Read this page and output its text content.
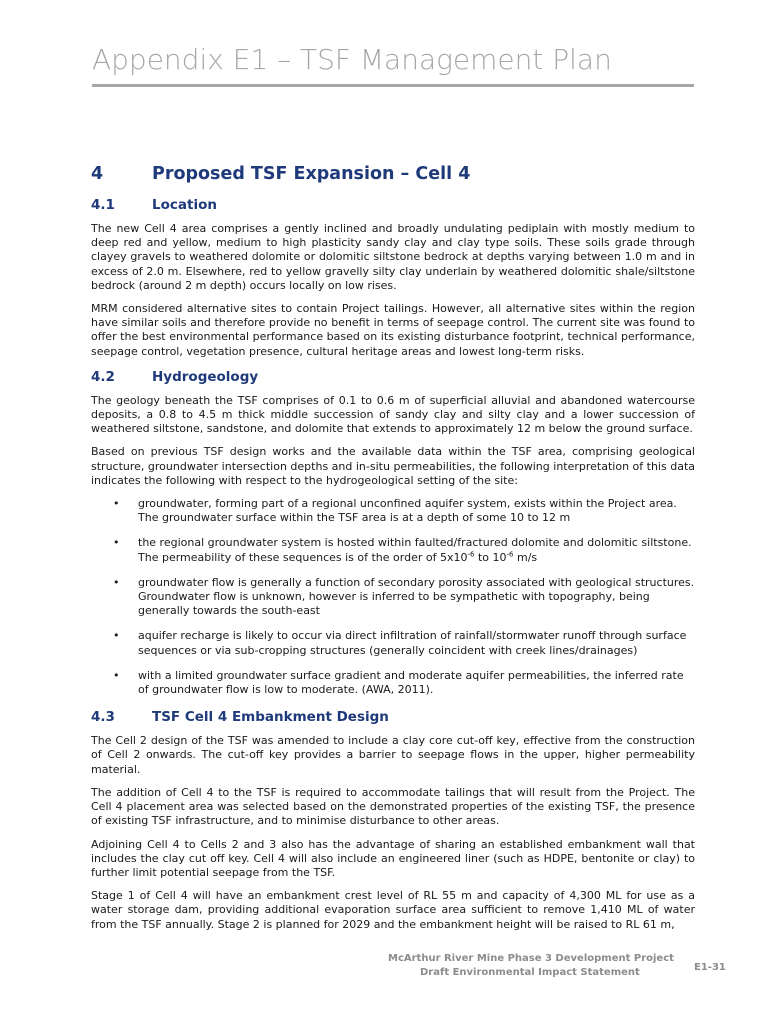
Appendix E1 – TSF Management Plan
4	Proposed TSF Expansion – Cell 4
4.1	Location

The new Cell 4 area comprises a gently inclined and broadly undulating pediplain with mostly medium to deep red and yellow, medium to high plasticity sandy clay and clay type soils. These soils grade through clayey gravels to weathered dolomite or dolomitic siltstone bedrock at depths varying between 1.0 m and in excess of 2.0 m. Elsewhere, red to yellow gravelly silty clay underlain by weathered dolomitic shale/siltstone bedrock (around 2 m depth) occurs locally on low rises.

MRM considered alternative sites to contain Project tailings. However, all alternative sites within the region have similar soils and therefore provide no benefit in terms of seepage control. The current site was found to offer the best environmental performance based on its existing disturbance footprint, technical performance, seepage control, vegetation presence, cultural heritage areas and lowest long-term risks.

4.2	Hydrogeology

The geology beneath the TSF comprises of 0.1 to 0.6 m of superficial alluvial and abandoned watercourse deposits, a 0.8 to 4.5 m thick middle succession of sandy clay and silty clay and a lower succession of weathered siltstone, sandstone, and dolomite that extends to approximately 12 m below the ground surface.

Based on previous TSF design works and the available data within the TSF area, comprising geological structure, groundwater intersection depths and in-situ permeabilities, the following interpretation of this data indicates the following with respect to the hydrogeological setting of the site:

• groundwater, forming part of a regional unconfined aquifer system, exists within the Project area. The groundwater surface within the TSF area is at a depth of some 10 to 12 m
• the regional groundwater system is hosted within faulted/fractured dolomite and dolomitic siltstone.
The permeability of these sequences is of the order of $5x10^{-6}$ to $10^{-6}$ m/s
• groundwater flow is generally a function of secondary porosity associated with geological structures. Groundwater flow is unknown, however is inferred to be sympathetic with topography, being generally towards the south-east
• aquifer recharge is likely to occur via direct infiltration of rainfall/stormwater runoff through surface sequences or via sub-cropping structures (generally coincident with creek lines/drainages)
• with a limited groundwater surface gradient and moderate aquifer permeabilities, the inferred rate of groundwater flow is low to moderate. (AWA, 2011).
4.3	TSF Cell 4 Embankment Design

The Cell 2 design of the TSF was amended to include a clay core cut-off key, effective from the construction of Cell 2 onwards. The cut-off key provides a barrier to seepage flows in the upper, higher permeability material.

The addition of Cell 4 to the TSF is required to accommodate tailings that will result from the Project. The Cell 4 placement area was selected based on the demonstrated properties of the existing TSF, the presence of existing TSF infrastructure, and to minimise disturbance to other areas.

Adjoining Cell 4 to Cells 2 and 3 also has the advantage of sharing an established embankment wall that includes the clay cut off key. Cell 4 will also include an engineered liner (such as HDPE, bentonite or clay) to further limit potential seepage from the TSF.

Stage 1 of Cell 4 will have an embankment crest level of RL 55 m and capacity of 4,300 ML for use as a water storage dam, providing additional evaporation surface area sufficient to remove 1,410 ML of water from the TSF annually. Stage 2 is planned for 2029 and the embankment height will be raised to RL 61 m,

McArthur River Mine Phase 3 Development Project
Draft Environmental Impact Statement	E1-31
